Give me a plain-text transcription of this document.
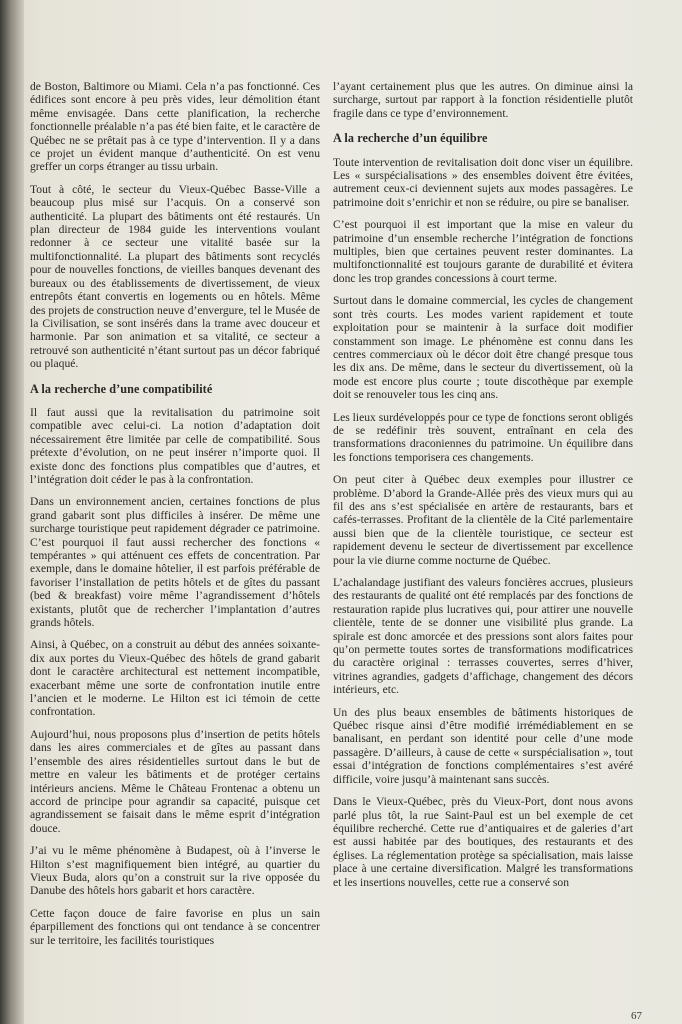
de Boston, Baltimore ou Miami. Cela n’a pas fonctionné. Ces édifices sont encore à peu près vides, leur démolition étant même envisagée. Dans cette planification, la recherche fonctionnelle préalable n’a pas été bien faite, et le caractère de Québec ne se prêtait pas à ce type d’intervention. Il y a dans ce projet un évident manque d’authenticité. On est venu greffer un corps étranger au tissu urbain.

Tout à côté, le secteur du Vieux-Québec Basse-Ville a beaucoup plus misé sur l’acquis. On a conservé son authenticité. La plupart des bâtiments ont été restaurés. Un plan directeur de 1984 guide les interventions voulant redonner à ce secteur une vitalité basée sur la multifonctionnalité. La plupart des bâtiments sont recyclés pour de nouvelles fonctions, de vieilles banques devenant des bureaux ou des établissements de divertissement, de vieux entrepôts étant convertis en logements ou en hôtels. Même des projets de construction neuve d’envergure, tel le Musée de la Civilisation, se sont insérés dans la trame avec douceur et harmonie. Par son animation et sa vitalité, ce secteur a retrouvé son authenticité n’étant surtout pas un décor fabriqué ou plaqué.

A la recherche d’une compatibilité

Il faut aussi que la revitalisation du patrimoine soit compatible avec celui-ci. La notion d’adaptation doit nécessairement être limitée par celle de compatibilité. Sous prétexte d’évolution, on ne peut insérer n’importe quoi. Il existe donc des fonctions plus compatibles que d’autres, et l’intégration doit céder le pas à la confrontation.

Dans un environnement ancien, certaines fonctions de plus grand gabarit sont plus difficiles à insérer. De même une surcharge touristique peut rapidement dégrader ce patrimoine. C’est pourquoi il faut aussi rechercher des fonctions « tempérantes » qui atténuent ces effets de concentration. Par exemple, dans le domaine hôtelier, il est parfois préférable de favoriser l’installation de petits hôtels et de gîtes du passant (bed & breakfast) voire même l’agrandissement d’hôtels existants, plutôt que de rechercher l’implantation d’autres grands hôtels.

Ainsi, à Québec, on a construit au début des années soixante-dix aux portes du Vieux-Québec des hôtels de grand gabarit dont le caractère architectural est nettement incompatible, exacerbant même une sorte de confrontation inutile entre l’ancien et le moderne. Le Hilton est ici témoin de cette confrontation.

Aujourd’hui, nous proposons plus d’insertion de petits hôtels dans les aires commerciales et de gîtes au passant dans l’ensemble des aires résidentielles surtout dans le but de mettre en valeur les bâtiments et de protéger certains intérieurs anciens. Même le Château Frontenac a obtenu un accord de principe pour agrandir sa capacité, puisque cet agrandissement se faisait dans le même esprit d’intégration douce.

J’ai vu le même phénomène à Budapest, où à l’inverse le Hilton s’est magnifiquement bien intégré, au quartier du Vieux Buda, alors qu’on a construit sur la rive opposée du Danube des hôtels hors gabarit et hors caractère.

Cette façon douce de faire favorise en plus un sain éparpillement des fonctions qui ont tendance à se concentrer sur le territoire, les facilités touristiques

l’ayant certainement plus que les autres. On diminue ainsi la surcharge, surtout par rapport à la fonction résidentielle plutôt fragile dans ce type d’environnement.

A la recherche d’un équilibre

Toute intervention de revitalisation doit donc viser un équilibre. Les « surspécialisations » des ensembles doivent être évitées, autrement ceux-ci deviennent sujets aux modes passagères. Le patrimoine doit s’enrichir et non se réduire, ou pire se banaliser.

C’est pourquoi il est important que la mise en valeur du patrimoine d’un ensemble recherche l’intégration de fonctions multiples, bien que certaines peuvent rester dominantes. La multifonctionnalité est toujours garante de durabilité et évitera donc les trop grandes concessions à court terme.

Surtout dans le domaine commercial, les cycles de changement sont très courts. Les modes varient rapidement et toute exploitation pour se maintenir à la surface doit modifier constamment son image. Le phénomène est connu dans les centres commerciaux où le décor doit être changé presque tous les dix ans. De même, dans le secteur du divertissement, où la mode est encore plus courte ; toute discothèque par exemple doit se renouveler tous les cinq ans.

Les lieux surdéveloppés pour ce type de fonctions seront obligés de se redéfinir très souvent, entraînant en cela des transformations draconiennes du patrimoine. Un équilibre dans les fonctions temporisera ces changements.

On peut citer à Québec deux exemples pour illustrer ce problème. D’abord la Grande-Allée près des vieux murs qui au fil des ans s’est spécialisée en artère de restaurants, bars et cafés-terrasses. Profitant de la clientèle de la Cité parlementaire aussi bien que de la clientèle touristique, ce secteur est rapidement devenu le secteur de divertissement par excellence pour la vie diurne comme nocturne de Québec.

L’achalandage justifiant des valeurs foncières accrues, plusieurs des restaurants de qualité ont été remplacés par des fonctions de restauration rapide plus lucratives qui, pour attirer une nouvelle clientèle, tente de se donner une visibilité plus grande. La spirale est donc amorcée et des pressions sont alors faites pour qu’on permette toutes sortes de transformations modificatrices du caractère original : terrasses couvertes, serres d’hiver, vitrines agrandies, gadgets d’affichage, changement des décors intérieurs, etc.

Un des plus beaux ensembles de bâtiments historiques de Québec risque ainsi d’être modifié irrémédiablement en se banalisant, en perdant son identité pour celle d’une mode passagère. D’ailleurs, à cause de cette « surspécialisation », tout essai d’intégration de fonctions complémentaires s’est avéré difficile, voire jusqu’à maintenant sans succès.

Dans le Vieux-Québec, près du Vieux-Port, dont nous avons parlé plus tôt, la rue Saint-Paul est un bel exemple de cet équilibre recherché. Cette rue d’antiquaires et de galeries d’art est aussi habitée par des boutiques, des restaurants et des églises. La réglementation protège sa spécialisation, mais laisse place à une certaine diversification. Malgré les transformations et les insertions nouvelles, cette rue a conservé son

67
